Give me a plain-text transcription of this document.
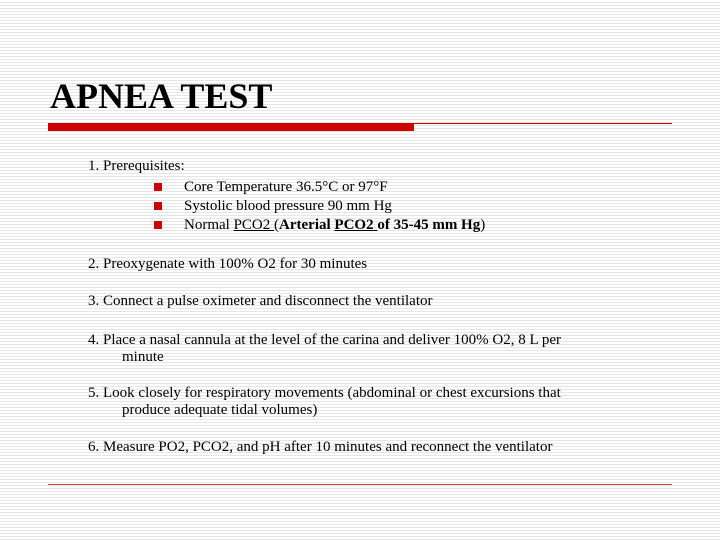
APNEA TEST
1. Prerequisites:
Core Temperature 36.5°C or 97°F
Systolic blood pressure 90 mm Hg
Normal PCO2 (Arterial PCO2 of 35-45 mm Hg)
2. Preoxygenate with 100% O2 for 30 minutes
3. Connect a pulse oximeter and disconnect the ventilator
4. Place a nasal cannula at the level of the carina and deliver 100% O2, 8 L per
minute
5. Look closely for respiratory movements (abdominal or chest excursions that
produce adequate tidal volumes)
6. Measure PO2, PCO2, and pH after 10 minutes and reconnect the ventilator
